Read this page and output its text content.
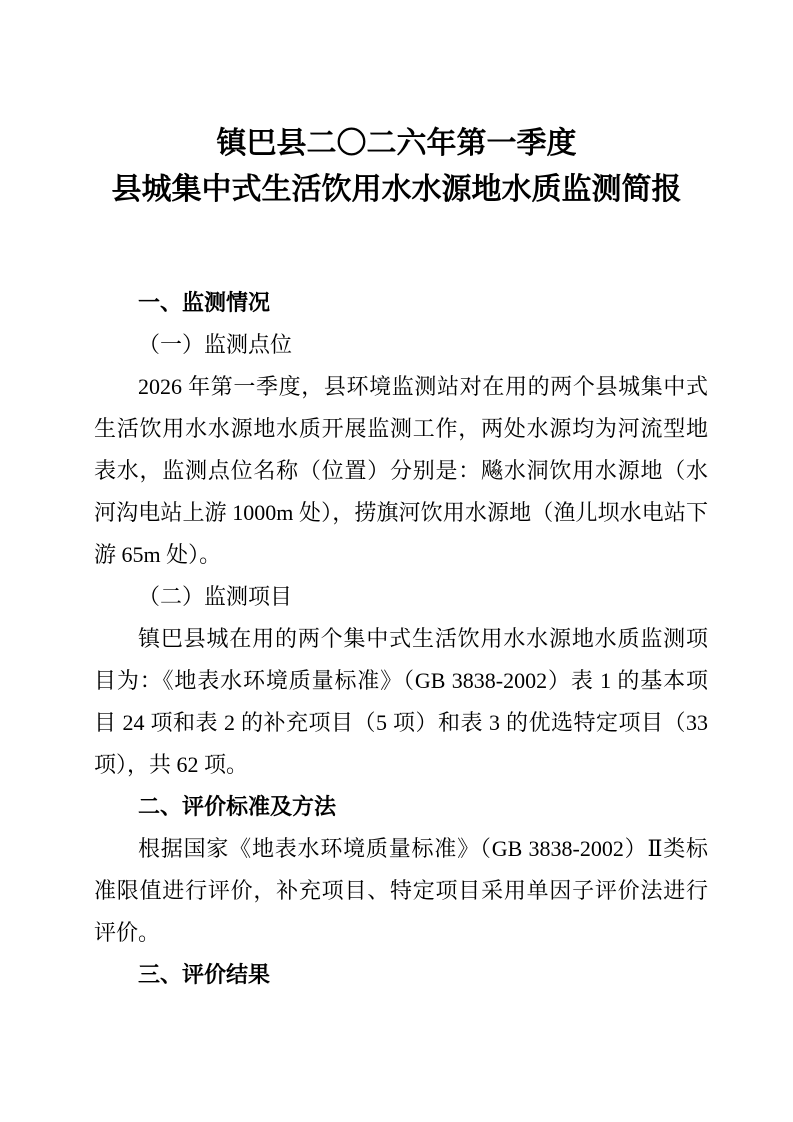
镇巴县二〇二六年第一季度
县城集中式生活饮用水水源地水质监测简报
一、监测情况
（一）监测点位

2026 年第一季度，县环境监测站对在用的两个县城集中式生活饮用水水源地水质开展监测工作，两处水源均为河流型地表水，监测点位名称（位置）分别是：飚水洞饮用水源地（水河沟电站上游 1000m 处），捞旗河饮用水源地（渔儿坝水电站下游 65m 处）。

（二）监测项目

镇巴县城在用的两个集中式生活饮用水水源地水质监测项目为：《地表水环境质量标准》（GB 3838-2002）表 1 的基本项目 24 项和表 2 的补充项目（5 项）和表 3 的优选特定项目（33 项），共 62 项。

二、评价标准及方法

根据国家《地表水环境质量标准》（GB 3838-2002）Ⅱ类标准限值进行评价，补充项目、特定项目采用单因子评价法进行评价。

三、评价结果
